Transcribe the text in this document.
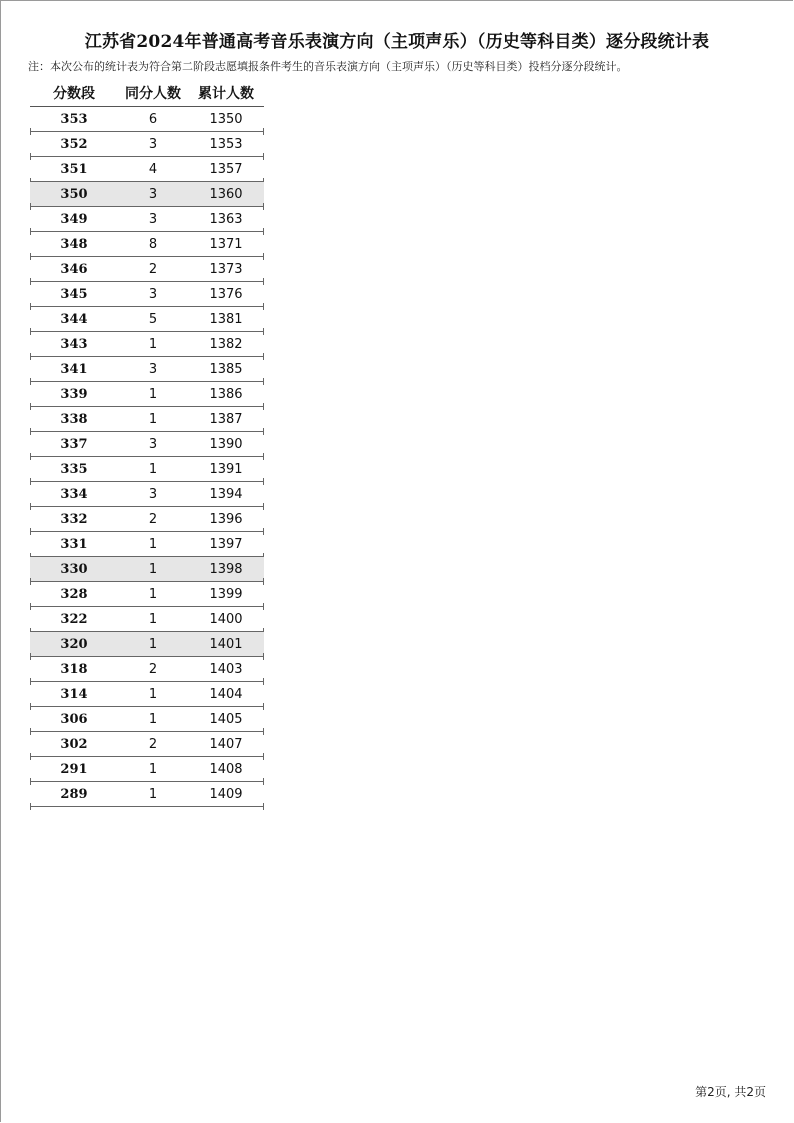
江苏省2024年普通高考音乐表演方向（主项声乐）（历史等科目类）逐分段统计表
注：本次公布的统计表为符合第二阶段志愿填报条件考生的音乐表演方向（主项声乐）（历史等科目类）投档分逐分段统计。
分数段	同分人数	累计人数
353	6	1350
352	3	1353
351	4	1357
350	3	1360
349	3	1363
348	8	1371
346	2	1373
345	3	1376
344	5	1381
343	1	1382
341	3	1385
339	1	1386
338	1	1387
337	3	1390
335	1	1391
334	3	1394
332	2	1396
331	1	1397
330	1	1398
328	1	1399
322	1	1400
320	1	1401
318	2	1403
314	1	1404
306	1	1405
302	2	1407
291	1	1408
289	1	1409
第2页, 共2页
